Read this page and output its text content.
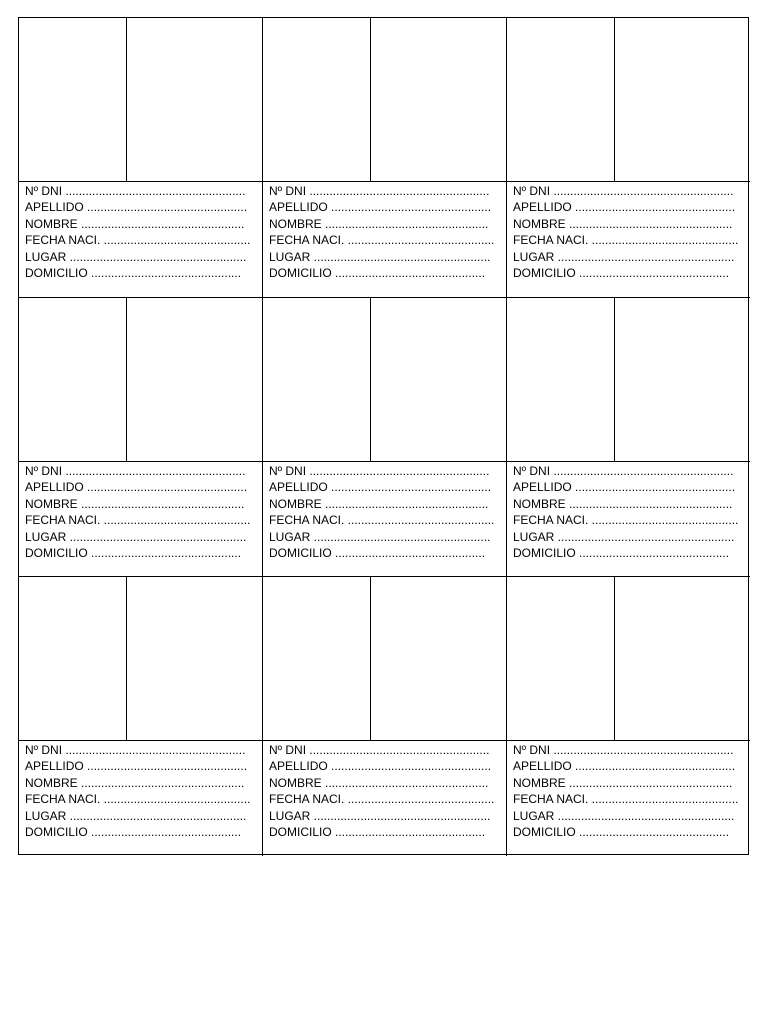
Nº DNI ......................................................
APELLIDO ................................................
NOMBRE .................................................
FECHA NACI. ............................................
LUGAR .....................................................
DOMICILIO .............................................
Nº DNI ......................................................
APELLIDO ................................................
NOMBRE .................................................
FECHA NACI. ............................................
LUGAR .....................................................
DOMICILIO .............................................
Nº DNI ......................................................
APELLIDO ................................................
NOMBRE .................................................
FECHA NACI. ............................................
LUGAR .....................................................
DOMICILIO .............................................
Nº DNI ......................................................
APELLIDO ................................................
NOMBRE .................................................
FECHA NACI. ............................................
LUGAR .....................................................
DOMICILIO .............................................
Nº DNI ......................................................
APELLIDO ................................................
NOMBRE .................................................
FECHA NACI. ............................................
LUGAR .....................................................
DOMICILIO .............................................
Nº DNI ......................................................
APELLIDO ................................................
NOMBRE .................................................
FECHA NACI. ............................................
LUGAR .....................................................
DOMICILIO .............................................
Nº DNI ......................................................
APELLIDO ................................................
NOMBRE .................................................
FECHA NACI. ............................................
LUGAR .....................................................
DOMICILIO .............................................
Nº DNI ......................................................
APELLIDO ................................................
NOMBRE .................................................
FECHA NACI. ............................................
LUGAR .....................................................
DOMICILIO .............................................
Nº DNI ......................................................
APELLIDO ................................................
NOMBRE .................................................
FECHA NACI. ............................................
LUGAR .....................................................
DOMICILIO .............................................
